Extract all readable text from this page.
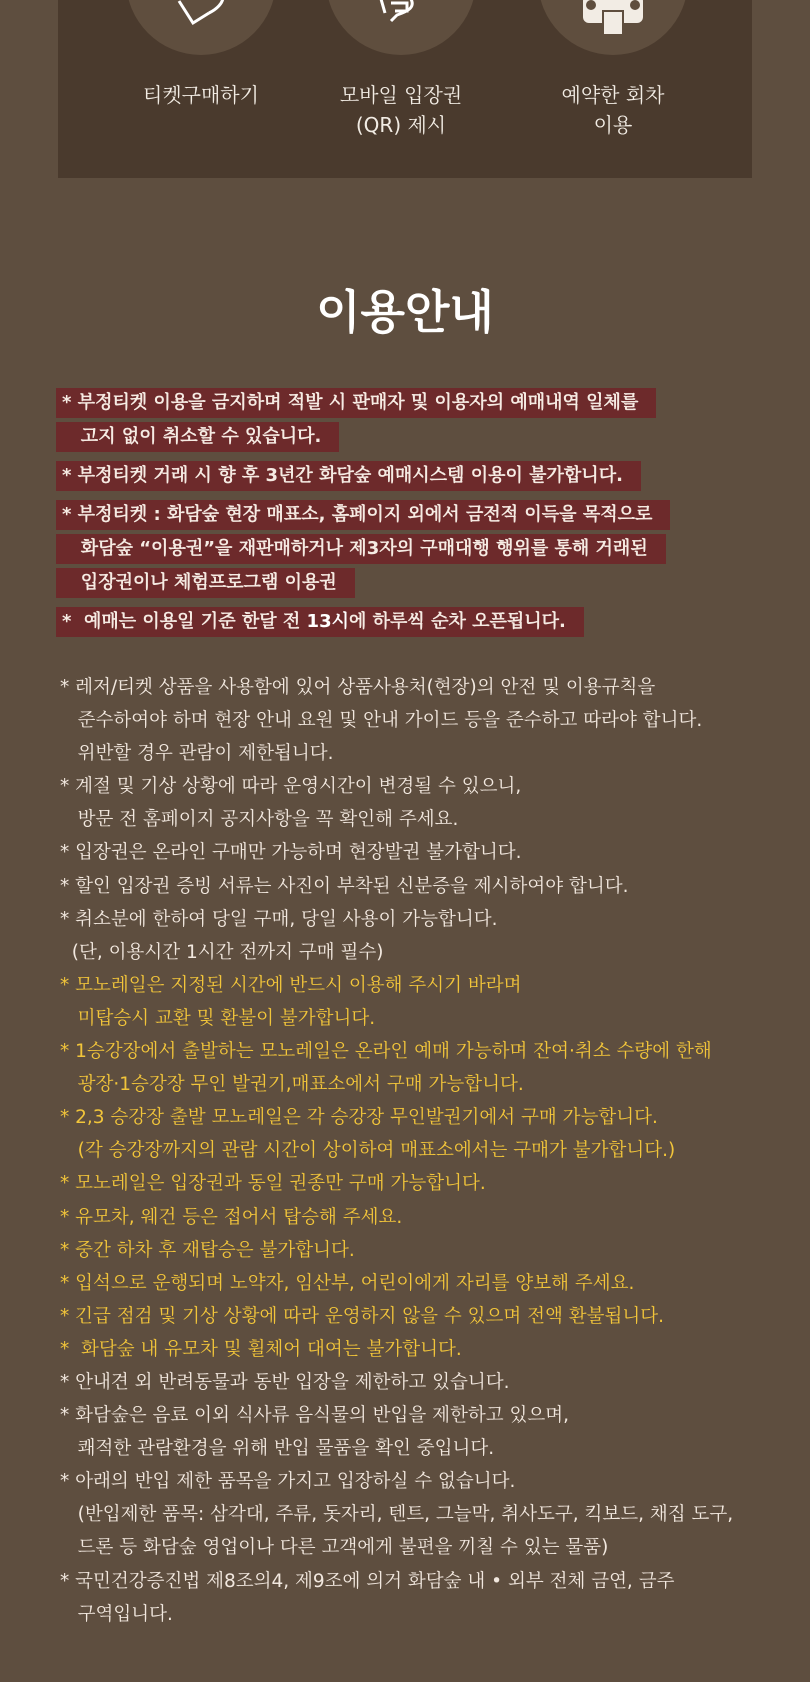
티켓구매하기	모바일 입장권
(QR) 제시
예약한 회차
이용
이용안내
* 부정티켓 이용을 금지하며 적발 시 판매자 및 이용자의 예매내역 일체를
고지 없이 취소할 수 있습니다.
* 부정티켓 거래 시 향 후 3년간 화담숲 예매시스템 이용이 불가합니다.
* 부정티켓 : 화담숲 현장 매표소, 홈페이지 외에서 금전적 이득을 목적으로
화담숲 “이용권”을 재판매하거나 제3자의 구매대행 행위를 통해 거래된
입장권이나 체험프로그램 이용권
*  예매는 이용일 기준 한달 전 13시에 하루씩 순차 오픈됩니다.
* 레저/티켓 상품을 사용함에 있어 상품사용처(현장)의 안전 및 이용규칙을
준수하여야 하며 현장 안내 요원 및 안내 가이드 등을 준수하고 따라야 합니다.
위반할 경우 관람이 제한됩니다.
* 계절 및 기상 상황에 따라 운영시간이 변경될 수 있으니,
방문 전 홈페이지 공지사항을 꼭 확인해 주세요.
* 입장권은 온라인 구매만 가능하며 현장발권 불가합니다.
* 할인 입장권 증빙 서류는 사진이 부착된 신분증을 제시하여야 합니다.
* 취소분에 한하여 당일 구매, 당일 사용이 가능합니다.
(단, 이용시간 1시간 전까지 구매 필수)
* 모노레일은 지정된 시간에 반드시 이용해 주시기 바라며
미탑승시 교환 및 환불이 불가합니다.
* 1승강장에서 출발하는 모노레일은 온라인 예매 가능하며 잔여·취소 수량에 한해
광장·1승강장 무인 발권기,매표소에서 구매 가능합니다.
* 2,3 승강장 출발 모노레일은 각 승강장 무인발권기에서 구매 가능합니다.
(각 승강장까지의 관람 시간이 상이하여 매표소에서는 구매가 불가합니다.)
* 모노레일은 입장권과 동일 권종만 구매 가능합니다.
* 유모차, 웨건 등은 접어서 탑승해 주세요.
* 중간 하차 후 재탑승은 불가합니다.
* 입석으로 운행되며 노약자, 임산부, 어린이에게 자리를 양보해 주세요.
* 긴급 점검 및 기상 상황에 따라 운영하지 않을 수 있으며 전액 환불됩니다.
*  화담숲 내 유모차 및 휠체어 대여는 불가합니다.
* 안내견 외 반려동물과 동반 입장을 제한하고 있습니다.
* 화담숲은 음료 이외 식사류 음식물의 반입을 제한하고 있으며,
쾌적한 관람환경을 위해 반입 물품을 확인 중입니다.
* 아래의 반입 제한 품목을 가지고 입장하실 수 없습니다.
(반입제한 품목: 삼각대, 주류, 돗자리, 텐트, 그늘막, 취사도구, 킥보드, 채집 도구,
드론 등 화담숲 영업이나 다른 고객에게 불편을 끼칠 수 있는 물품)
* 국민건강증진법 제8조의4, 제9조에 의거 화담숲 내 • 외부 전체 금연, 금주
구역입니다.
